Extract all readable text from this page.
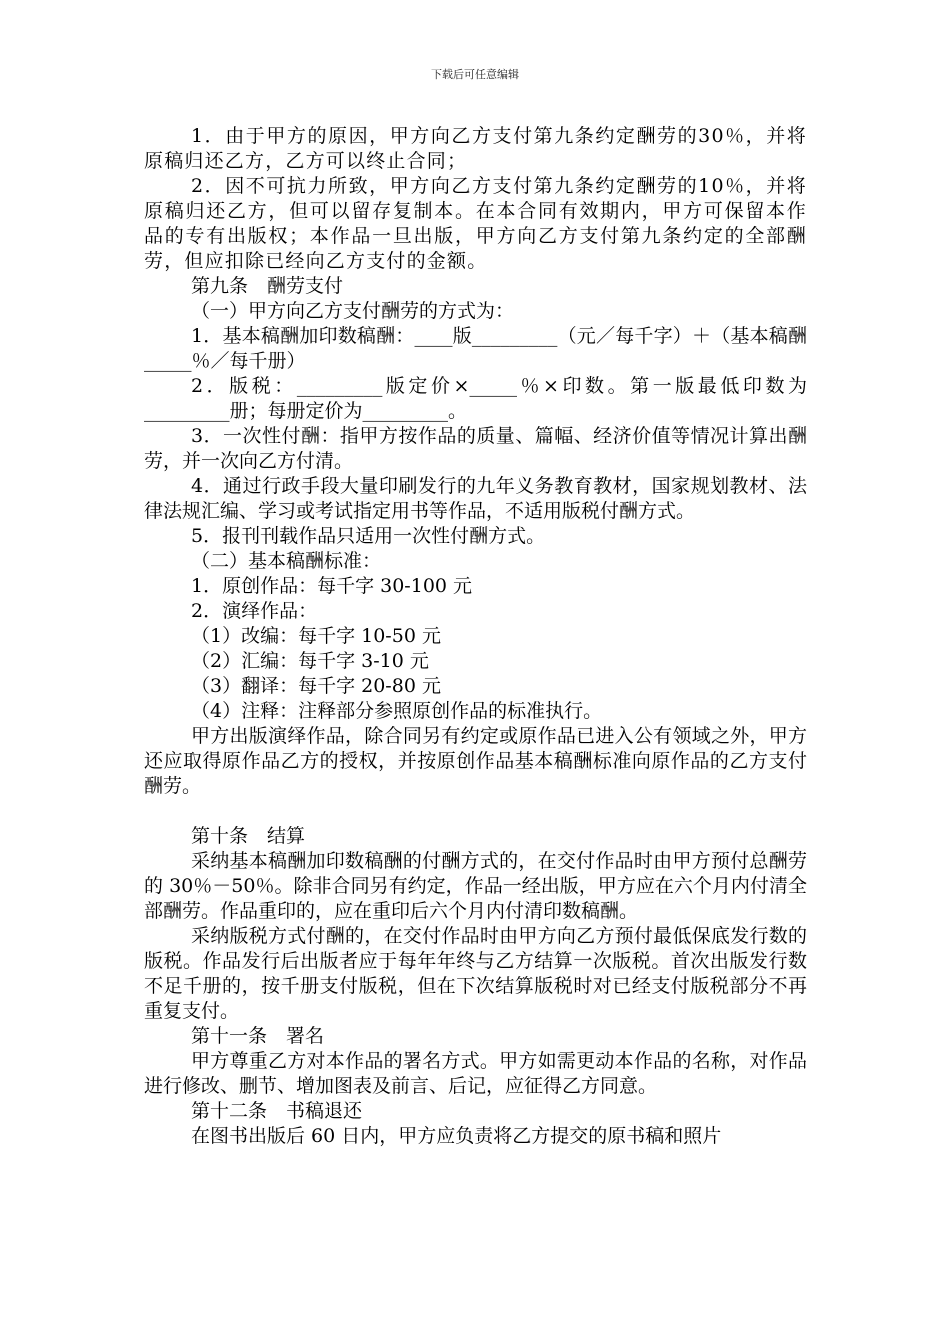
下载后可任意编辑

1．由于甲方的原因，甲方向乙方支付第九条约定酬劳的30％，并将原稿归还乙方，乙方可以终止合同；

2．因不可抗力所致，甲方向乙方支付第九条约定酬劳的10％，并将原稿归还乙方，但可以留存复制本。在本合同有效期内，甲方可保留本作品的专有出版权；本作品一旦出版，甲方向乙方支付第九条约定的全部酬劳，但应扣除已经向乙方支付的金额。

第九条　酬劳支付

（一）甲方向乙方支付酬劳的方式为：

1．基本稿酬加印数稿酬：____版_________（元／每千字）＋（基本稿酬_____％／每千册）

2．版税：_________版定价×_____％×印数。第一版最低印数为_________册；每册定价为_________。

3．一次性付酬：指甲方按作品的质量、篇幅、经济价值等情况计算出酬劳，并一次向乙方付清。

4．通过行政手段大量印刷发行的九年义务教育教材，国家规划教材、法律法规汇编、学习或考试指定用书等作品，不适用版税付酬方式。

5．报刊刊载作品只适用一次性付酬方式。

（二）基本稿酬标准：

1．原创作品：每千字 30-100 元

2．演绎作品：

（1）改编：每千字 10-50 元

（2）汇编：每千字 3-10 元

（3）翻译：每千字 20-80 元

（4）注释：注释部分参照原创作品的标准执行。

甲方出版演绎作品，除合同另有约定或原作品已进入公有领域之外，甲方还应取得原作品乙方的授权，并按原创作品基本稿酬标准向原作品的乙方支付酬劳。

第十条　结算

采纳基本稿酬加印数稿酬的付酬方式的，在交付作品时由甲方预付总酬劳的 30％－50％。除非合同另有约定，作品一经出版，甲方应在六个月内付清全部酬劳。作品重印的，应在重印后六个月内付清印数稿酬。

采纳版税方式付酬的，在交付作品时由甲方向乙方预付最低保底发行数的版税。作品发行后出版者应于每年年终与乙方结算一次版税。首次出版发行数不足千册的，按千册支付版税，但在下次结算版税时对已经支付版税部分不再重复支付。

第十一条　署名

甲方尊重乙方对本作品的署名方式。甲方如需更动本作品的名称，对作品进行修改、删节、增加图表及前言、后记，应征得乙方同意。

第十二条　书稿退还

在图书出版后 60 日内，甲方应负责将乙方提交的原书稿和照片
